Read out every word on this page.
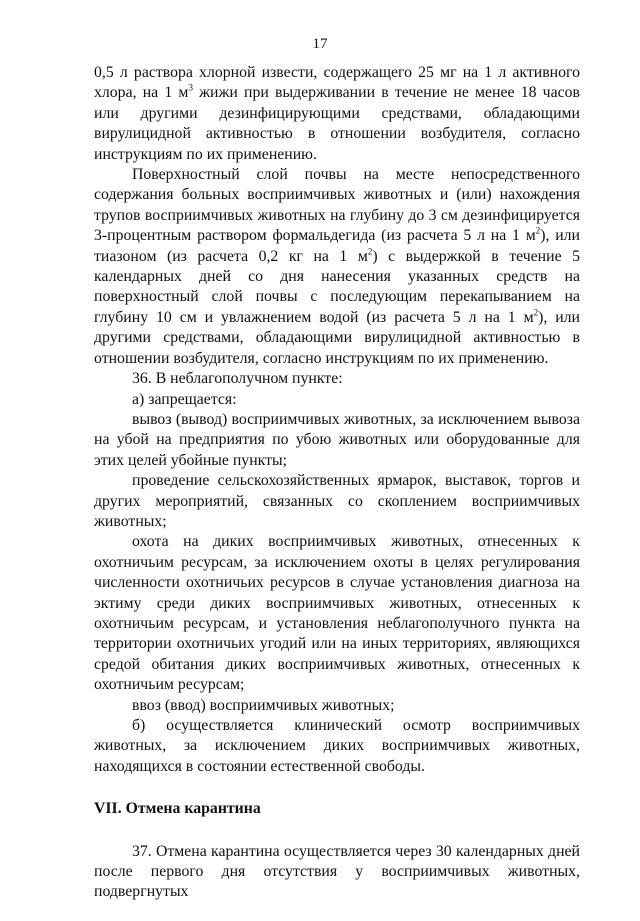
17

0,5 л раствора хлорной извести, содержащего 25 мг на 1 л активного хлора, на 1 $м^3$ жижи при выдерживании в течение не менее 18 часов или другими дезинфицирующими средствами, обладающими вирулицидной активностью в отношении возбудителя, согласно инструкциям по их применению.

Поверхностный слой почвы на месте непосредственного содержания больных восприимчивых животных и (или) нахождения трупов восприимчивых животных на глубину до 3 см дезинфицируется 3-процентным раствором формальдегида (из расчета 5 л на 1 $м^2$), или тиазоном (из расчета 0,2 кг на 1 $м^2$) с выдержкой в течение 5 календарных дней со дня нанесения указанных средств на поверхностный слой почвы с последующим перекапыванием на глубину 10 см и увлажнением водой (из расчета 5 л на 1 $м^2$), или другими средствами, обладающими вирулицидной активностью в отношении возбудителя, согласно инструкциям по их применению.

36. В неблагополучном пункте:

а) запрещается:

вывоз (вывод) восприимчивых животных, за исключением вывоза на убой на предприятия по убою животных или оборудованные для этих целей убойные пункты;

проведение сельскохозяйственных ярмарок, выставок, торгов и других мероприятий, связанных со скоплением восприимчивых животных;

охота на диких восприимчивых животных, отнесенных к охотничьим ресурсам, за исключением охоты в целях регулирования численности охотничьих ресурсов в случае установления диагноза на эктиму среди диких восприимчивых животных, отнесенных к охотничьим ресурсам, и установления неблагополучного пункта на территории охотничьих угодий или на иных территориях, являющихся средой обитания диких восприимчивых животных, отнесенных к охотничьим ресурсам;

ввоз (ввод) восприимчивых животных;

б) осуществляется клинический осмотр восприимчивых животных, за исключением диких восприимчивых животных, находящихся в состоянии естественной свободы.

VII. Отмена карантина

37. Отмена карантина осуществляется через 30 календарных дней после первого дня отсутствия у восприимчивых животных, подвергнутых
